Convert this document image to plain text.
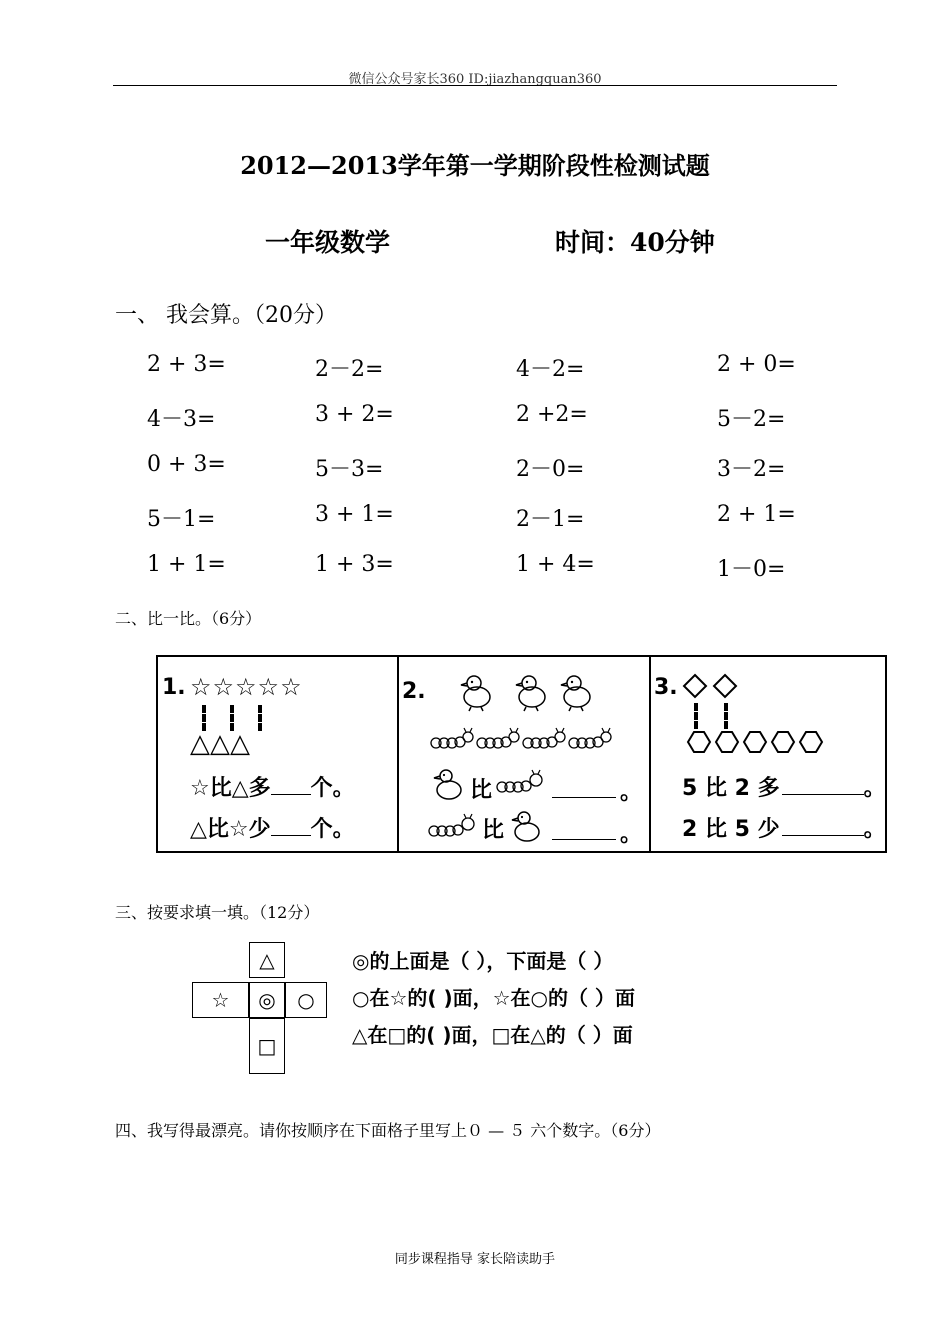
微信公众号家长360 ID:jiazhangquan360
2012—2013学年第一学期阶段性检测试题
一年级数学	时间：40分钟
一、 我会算。（20分）
2 + 3=	2－2=	4－2=	2 + 0=
4－3=	3 + 2=	2 +2=	5－2=
0 + 3=	5－3=	2－0=	3－2=
5－1=	3 + 1=	2－1=	2 + 1=
1 + 1=	1 + 3=	1 + 4=	1－0=
二、比一比。（6分）
1. ☆☆☆☆☆
△△△
☆比△多 个。
△比☆少 个。
2.
比	。
比	。
3.
5 比 2 多	。
2 比 5 少	。
三、按要求填一填。（12分）
△
☆	◎	○
□
◎的上面是（ ），下面是（ ）
○在☆的( )面，☆在○的（ ）面
△在□的( )面，□在△的（ ）面
四、我写得最漂亮。请你按顺序在下面格子里写上０ — ５ 六个数字。（6分）
同步课程指导 家长陪读助手
